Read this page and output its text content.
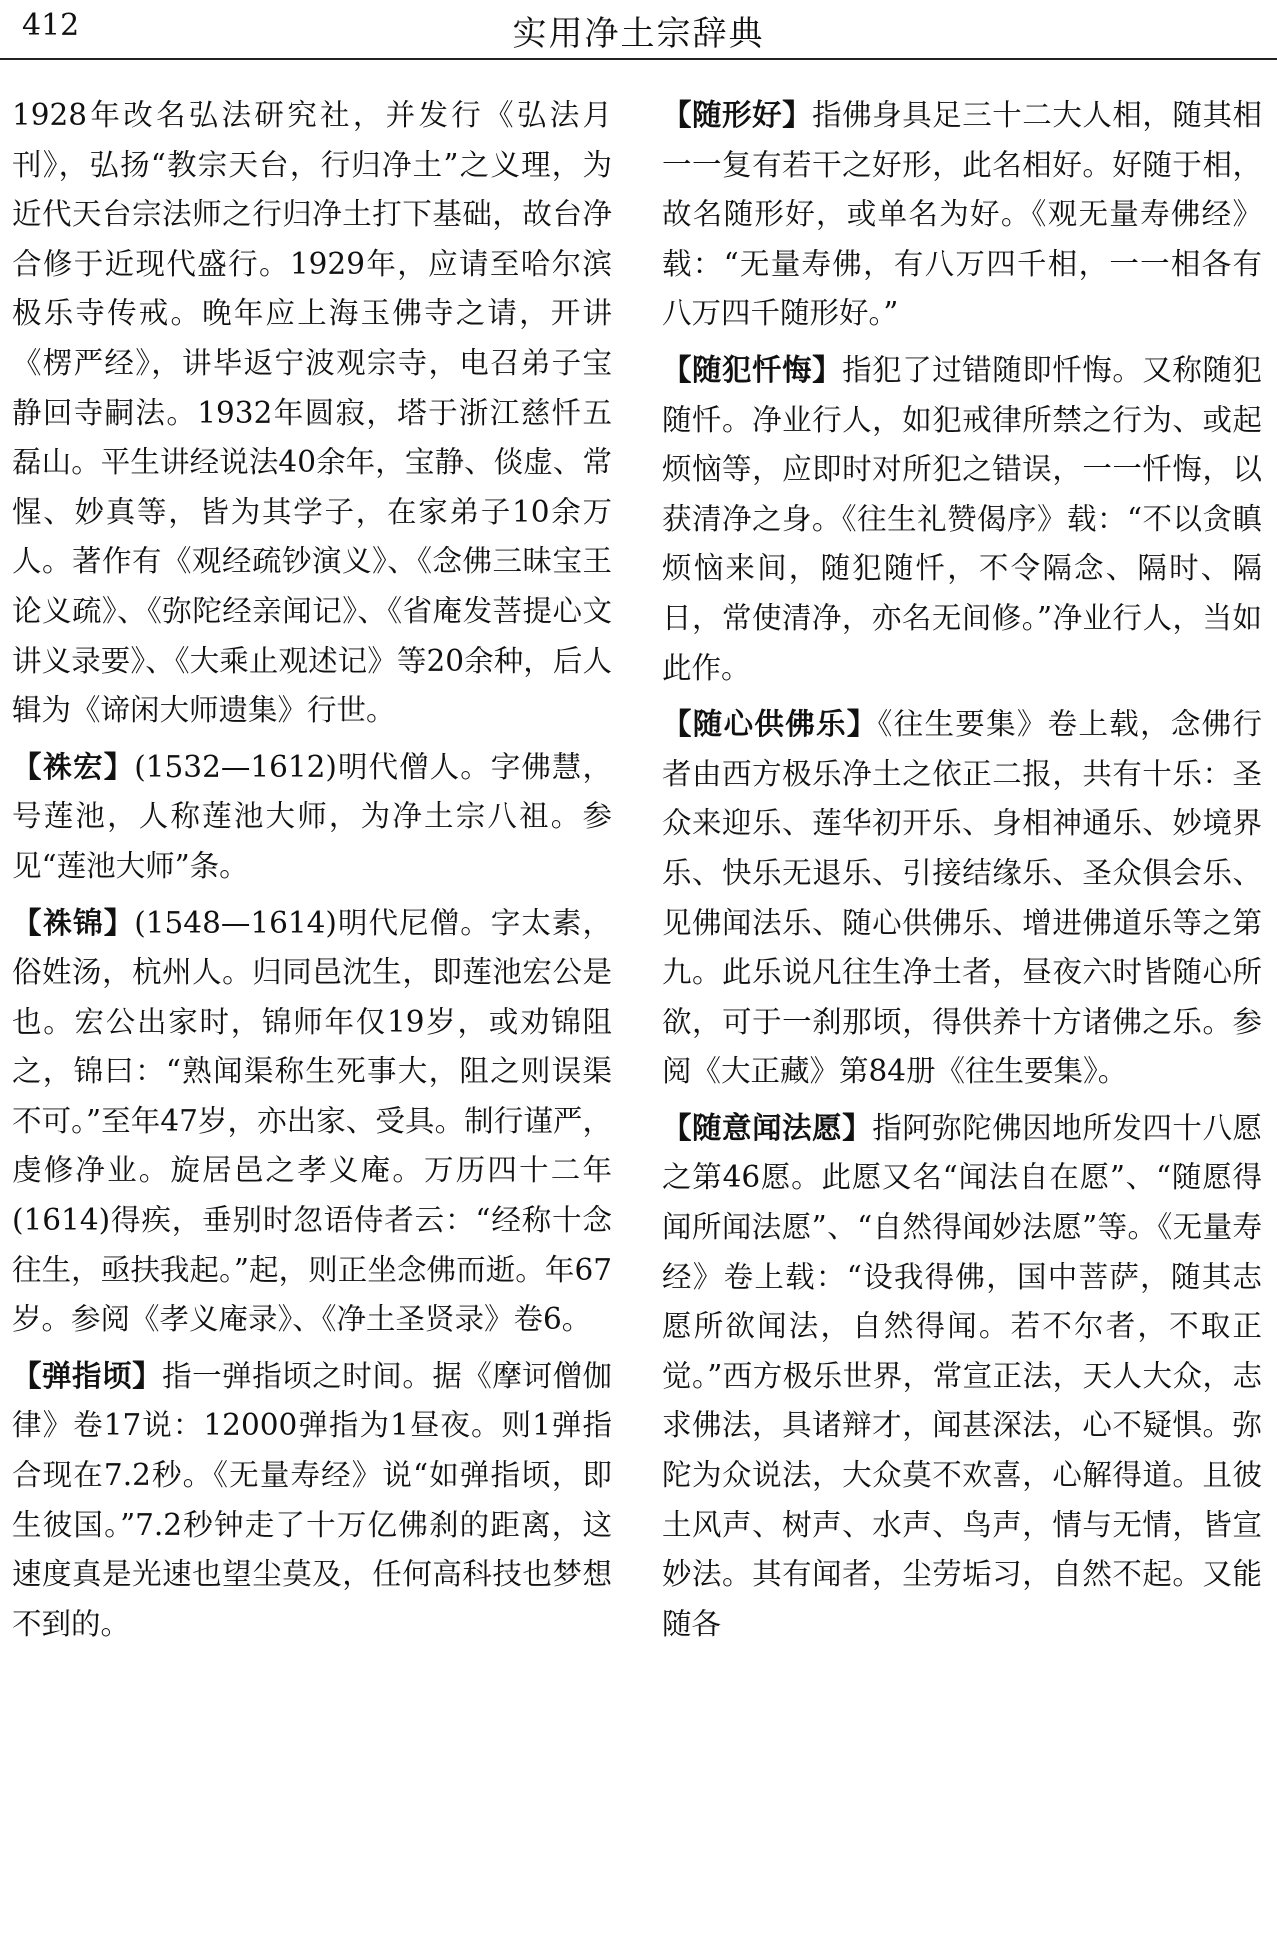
412	实用净土宗辞典

1928年改名弘法研究社，并发行《弘法月刊》，弘扬“教宗天台，行归净土”之义理，为近代天台宗法师之行归净土打下基础，故台净合修于近现代盛行。1929年，应请至哈尔滨极乐寺传戒。晚年应上海玉佛寺之请，开讲《楞严经》，讲毕返宁波观宗寺，电召弟子宝静回寺嗣法。1932年圆寂，塔于浙江慈忏五磊山。平生讲经说法40余年，宝静、倓虚、常惺、妙真等，皆为其学子，在家弟子10余万人。著作有《观经疏钞演义》、《念佛三昧宝王论义疏》、《弥陀经亲闻记》、《省庵发菩提心文讲义录要》、《大乘止观述记》等20余种，后人辑为《谛闲大师遗集》行世。

【袾宏】(1532—1612)明代僧人。字佛慧，号莲池，人称莲池大师，为净土宗八祖。参见“莲池大师”条。

【袾锦】(1548—1614)明代尼僧。字太素，俗姓汤，杭州人。归同邑沈生，即莲池宏公是也。宏公出家时，锦师年仅19岁，或劝锦阻之，锦曰：“熟闻渠称生死事大，阻之则误渠不可。”至年47岁，亦出家、受具。制行谨严，虔修净业。旋居邑之孝义庵。万历四十二年(1614)得疾，垂别时忽语侍者云：“经称十念往生，亟扶我起。”起，则正坐念佛而逝。年67岁。参阅《孝义庵录》、《净土圣贤录》卷6。

【弹指顷】指一弹指顷之时间。据《摩诃僧伽律》卷17说：12000弹指为1昼夜。则1弹指合现在7.2秒。《无量寿经》说“如弹指顷，即生彼国。”7.2秒钟走了十万亿佛刹的距离，这速度真是光速也望尘莫及，任何高科技也梦想不到的。

【随形好】指佛身具足三十二大人相，随其相一一复有若干之好形，此名相好。好随于相，故名随形好，或单名为好。《观无量寿佛经》载：“无量寿佛，有八万四千相，一一相各有八万四千随形好。”

【随犯忏悔】指犯了过错随即忏悔。又称随犯随忏。净业行人，如犯戒律所禁之行为、或起烦恼等，应即时对所犯之错误，一一忏悔，以获清净之身。《往生礼赞偈序》载：“不以贪瞋烦恼来间，随犯随忏，不令隔念、隔时、隔日，常使清净，亦名无间修。”净业行人，当如此作。

【随心供佛乐】《往生要集》卷上载，念佛行者由西方极乐净土之依正二报，共有十乐：圣众来迎乐、莲华初开乐、身相神通乐、妙境界乐、快乐无退乐、引接结缘乐、圣众俱会乐、见佛闻法乐、随心供佛乐、增进佛道乐等之第九。此乐说凡往生净土者，昼夜六时皆随心所欲，可于一刹那顷，得供养十方诸佛之乐。参阅《大正藏》第84册《往生要集》。

【随意闻法愿】指阿弥陀佛因地所发四十八愿之第46愿。此愿又名“闻法自在愿”、“随愿得闻所闻法愿”、“自然得闻妙法愿”等。《无量寿经》卷上载：“设我得佛，国中菩萨，随其志愿所欲闻法，自然得闻。若不尔者，不取正觉。”西方极乐世界，常宣正法，天人大众，志求佛法，具诸辩才，闻甚深法，心不疑惧。弥陀为众说法，大众莫不欢喜，心解得道。且彼土风声、树声、水声、鸟声，情与无情，皆宣妙法。其有闻者，尘劳垢习，自然不起。又能随各
